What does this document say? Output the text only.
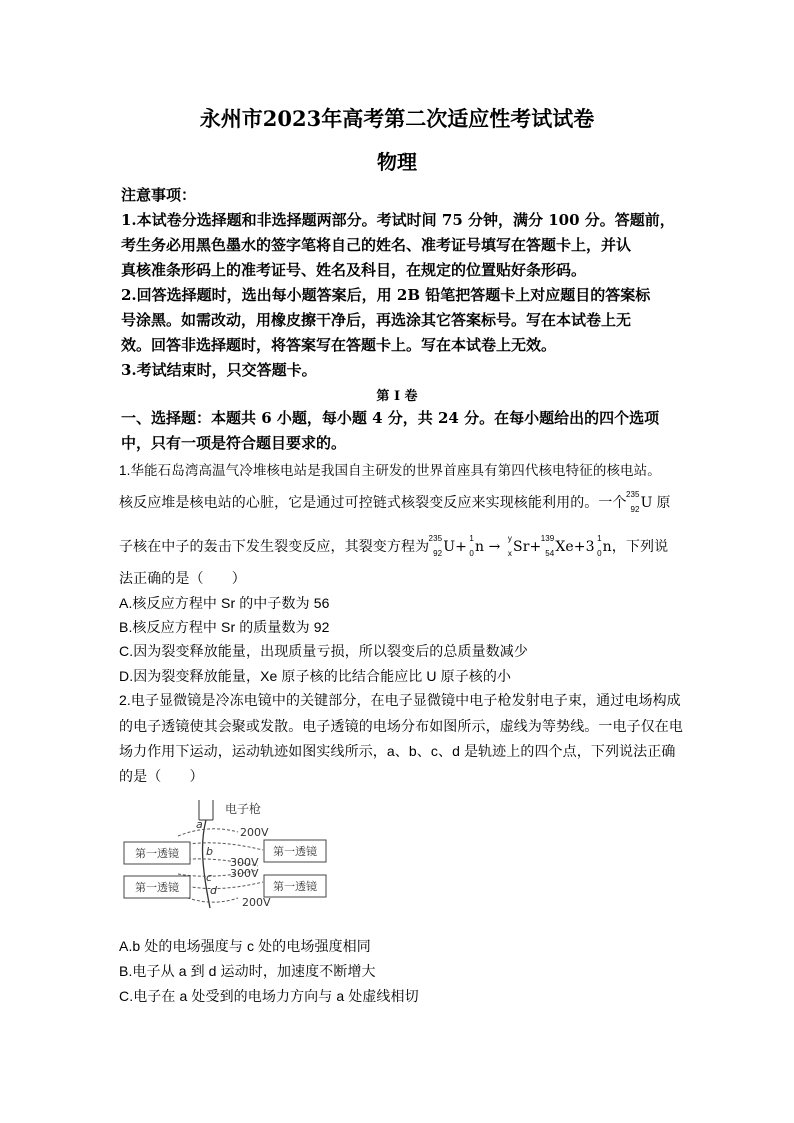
永州市2023年高考第二次适应性考试试卷
物理
注意事项：
1.本试卷分选择题和非选择题两部分。考试时间 75 分钟，满分 100 分。答题前，
考生务必用黑色墨水的签字笔将自己的姓名、准考证号填写在答题卡上，并认
真核准条形码上的准考证号、姓名及科目，在规定的位置贴好条形码。
2.回答选择题时，选出每小题答案后，用 2B 铅笔把答题卡上对应题目的答案标
号涂黑。如需改动，用橡皮擦干净后，再选涂其它答案标号。写在本试卷上无
效。回答非选择题时，将答案写在答题卡上。写在本试卷上无效。
3.考试结束时，只交答题卡。
第 I 卷
一、选择题：本题共 6 小题，每小题 4 分，共 24 分。在每小题给出的四个选项
中，只有一项是符合题目要求的。
1.华能石岛湾高温气冷堆核电站是我国自主研发的世界首座具有第四代核电特征的核电站。
核反应堆是核电站的心脏，它是通过可控链式核裂变反应来实现核能利用的。一个 235
92 U 原
子核在中子的轰击下发生裂变反应，其裂变方程为 235
92 U+
1
0 n →
y
x Sr+
139
54 Xe+3
1
0 n，下列说
法正确的是（　　）
A.核反应方程中 Sr 的中子数为 56
B.核反应方程中 Sr 的质量数为 92
C.因为裂变释放能量，出现质量亏损，所以裂变后的总质量数减少
D.因为裂变释放能量，Xe 原子核的比结合能应比 U 原子核的小
2.电子显微镜是冷冻电镜中的关键部分，在电子显微镜中电子枪发射电子束，通过电场构成
的电子透镜使其会聚或发散。电子透镜的电场分布如图所示，虚线为等势线。一电子仅在电
场力作用下运动，运动轨迹如图实线所示，a、b、c、d 是轨迹上的四个点，下列说法正确
的是（　　）
电子枪
第一透镜
第一透镜
第一透镜
第一透镜
200V
300V
300V
200V
a
b
c
d
A.b 处的电场强度与 c 处的电场强度相同
B.电子从 a 到 d 运动时，加速度不断增大
C.电子在 a 处受到的电场力方向与 a 处虚线相切
